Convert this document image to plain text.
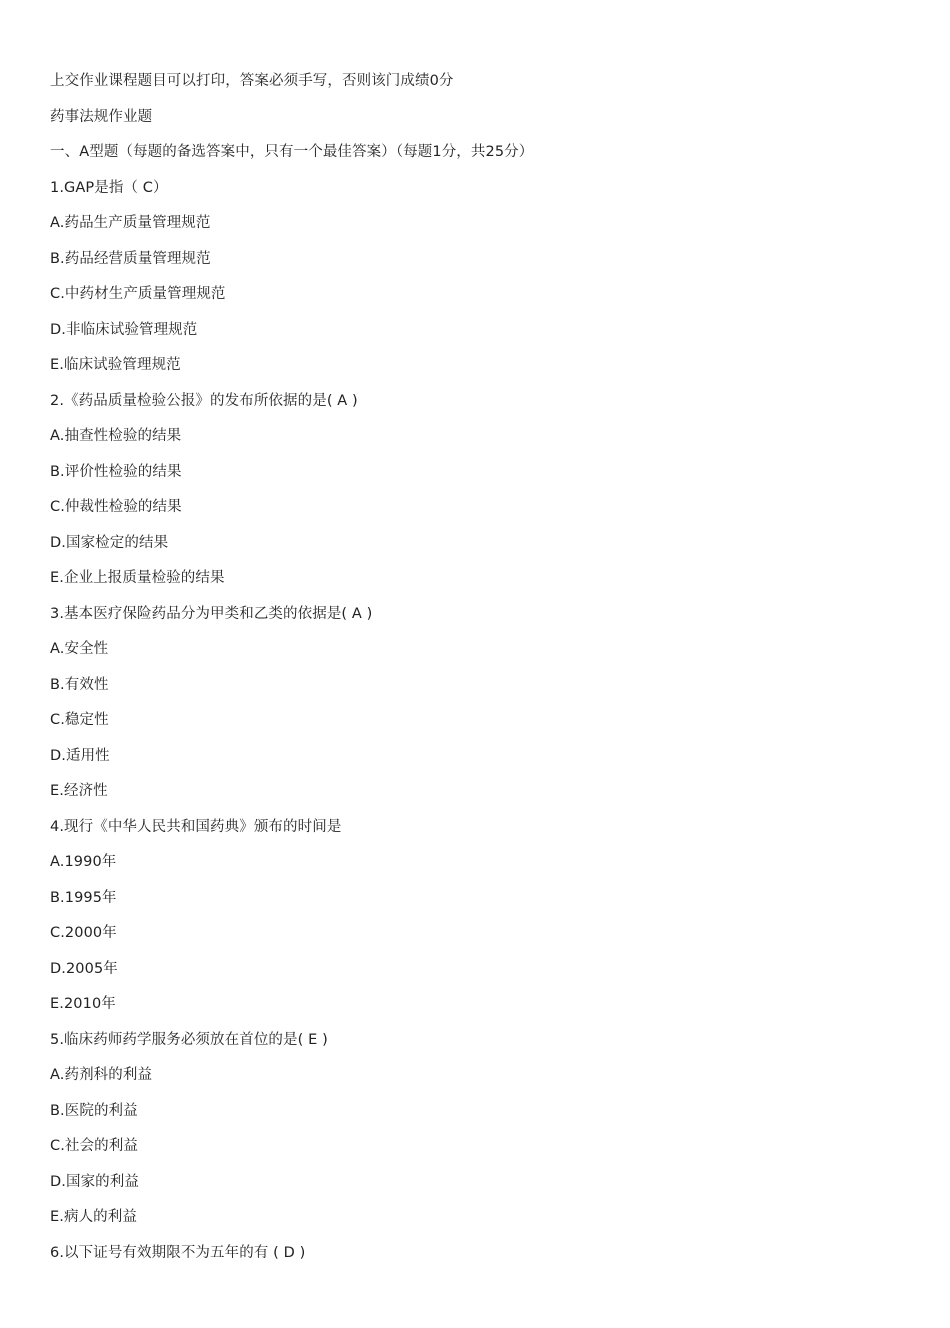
上交作业课程题目可以打印，答案必须手写，否则该门成绩0分
药事法规作业题
一、A型题（每题的备选答案中，只有一个最佳答案）（每题1分，共25分）
1.GAP是指（ C）
A.药品生产质量管理规范
B.药品经营质量管理规范
C.中药材生产质量管理规范
D.非临床试验管理规范
E.临床试验管理规范
2.《药品质量检验公报》的发布所依据的是( A )
A.抽查性检验的结果
B.评价性检验的结果
C.仲裁性检验的结果
D.国家检定的结果
E.企业上报质量检验的结果
3.基本医疗保险药品分为甲类和乙类的依据是( A )
A.安全性
B.有效性
C.稳定性
D.适用性
E.经济性
4.现行《中华人民共和国药典》颁布的时间是
A.1990年
B.1995年
C.2000年
D.2005年
E.2010年
5.临床药师药学服务必须放在首位的是( E )
A.药剂科的利益
B.医院的利益
C.社会的利益
D.国家的利益
E.病人的利益
6.以下证号有效期限不为五年的有 ( D )
